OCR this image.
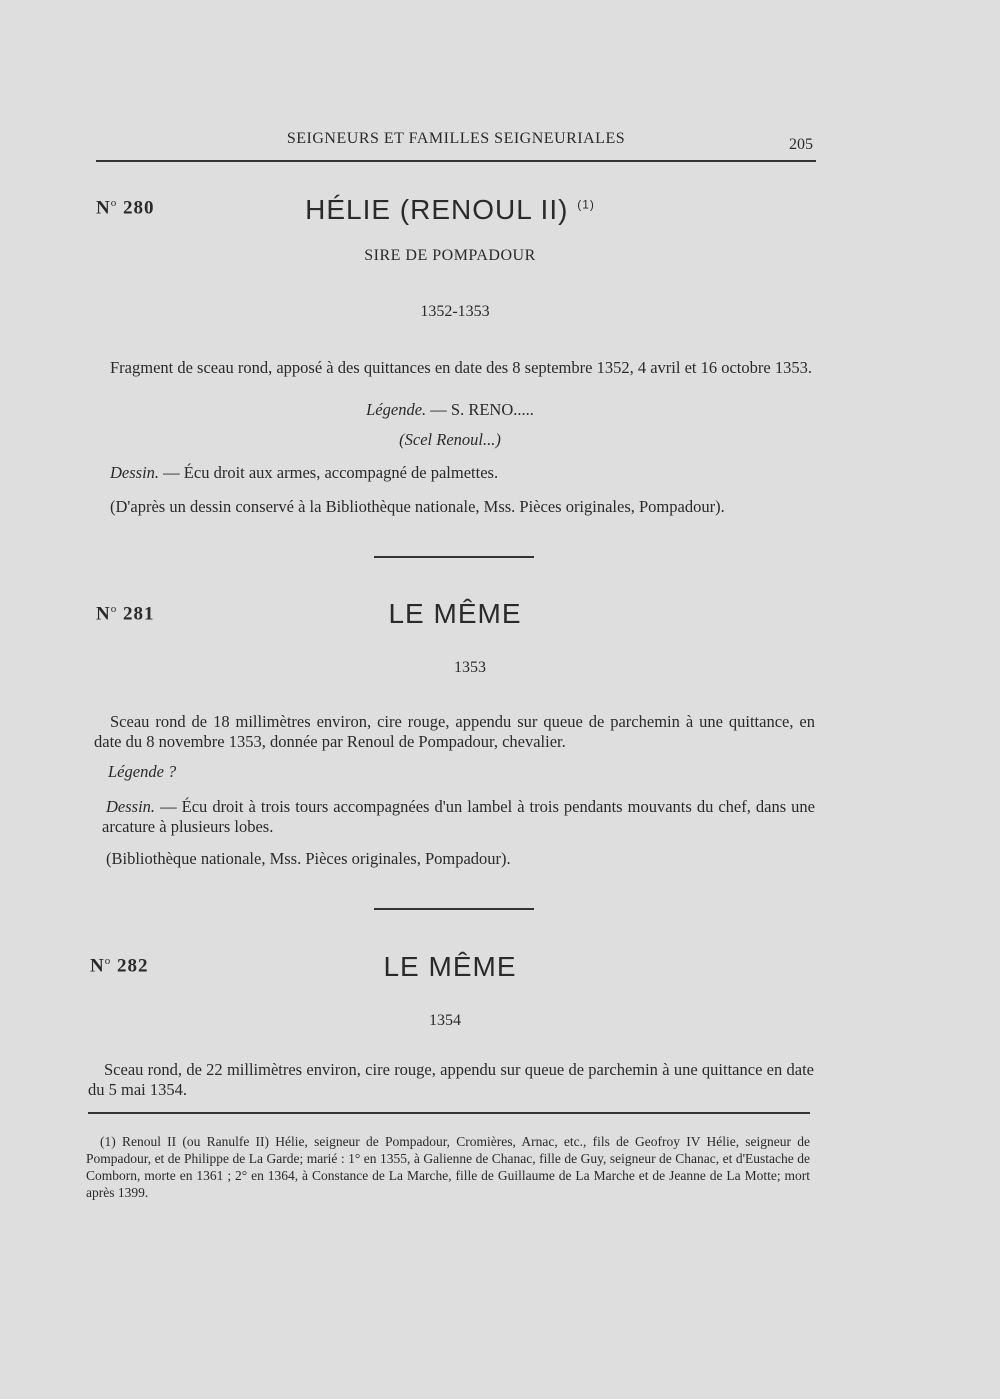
SEIGNEURS ET FAMILLES SEIGNEURIALES	205
$N^o$ 280	HÉLIE (RENOUL II) $^{(1)}$
SIRE DE POMPADOUR
1352-1353
Fragment de sceau rond, apposé à des quittances en date des 8 septembre 1352, 4 avril et 16 octobre 1353.
Légende. — S. RENO.....
(Scel Renoul...)
Dessin. — Écu droit aux armes, accompagné de palmettes.
(D'après un dessin conservé à la Bibliothèque nationale, Mss. Pièces originales, Pompadour).
$N^o$ 281	LE MÊME
1353
Sceau rond de 18 millimètres environ, cire rouge, appendu sur queue de parchemin à une quittance, en date du 8 novembre 1353, donnée par Renoul de Pompadour, chevalier.
Légende ?
Dessin. — Écu droit à trois tours accompagnées d'un lambel à trois pendants mouvants du chef, dans une arcature à plusieurs lobes.
(Bibliothèque nationale, Mss. Pièces originales, Pompadour).
$N^o$ 282	LE MÊME
1354
Sceau rond, de 22 millimètres environ, cire rouge, appendu sur queue de parchemin à une quittance en date du 5 mai 1354.
(1) Renoul II (ou Ranulfe II) Hélie, seigneur de Pompadour, Cromières, Arnac, etc., fils de Geofroy IV Hélie, seigneur de Pompadour, et de Philippe de La Garde; marié : 1° en 1355, à Galienne de Chanac, fille de Guy, seigneur de Chanac, et d'Eustache de Comborn, morte en 1361 ; 2° en 1364, à Constance de La Marche, fille de Guillaume de La Marche et de Jeanne de La Motte; mort après 1399.
